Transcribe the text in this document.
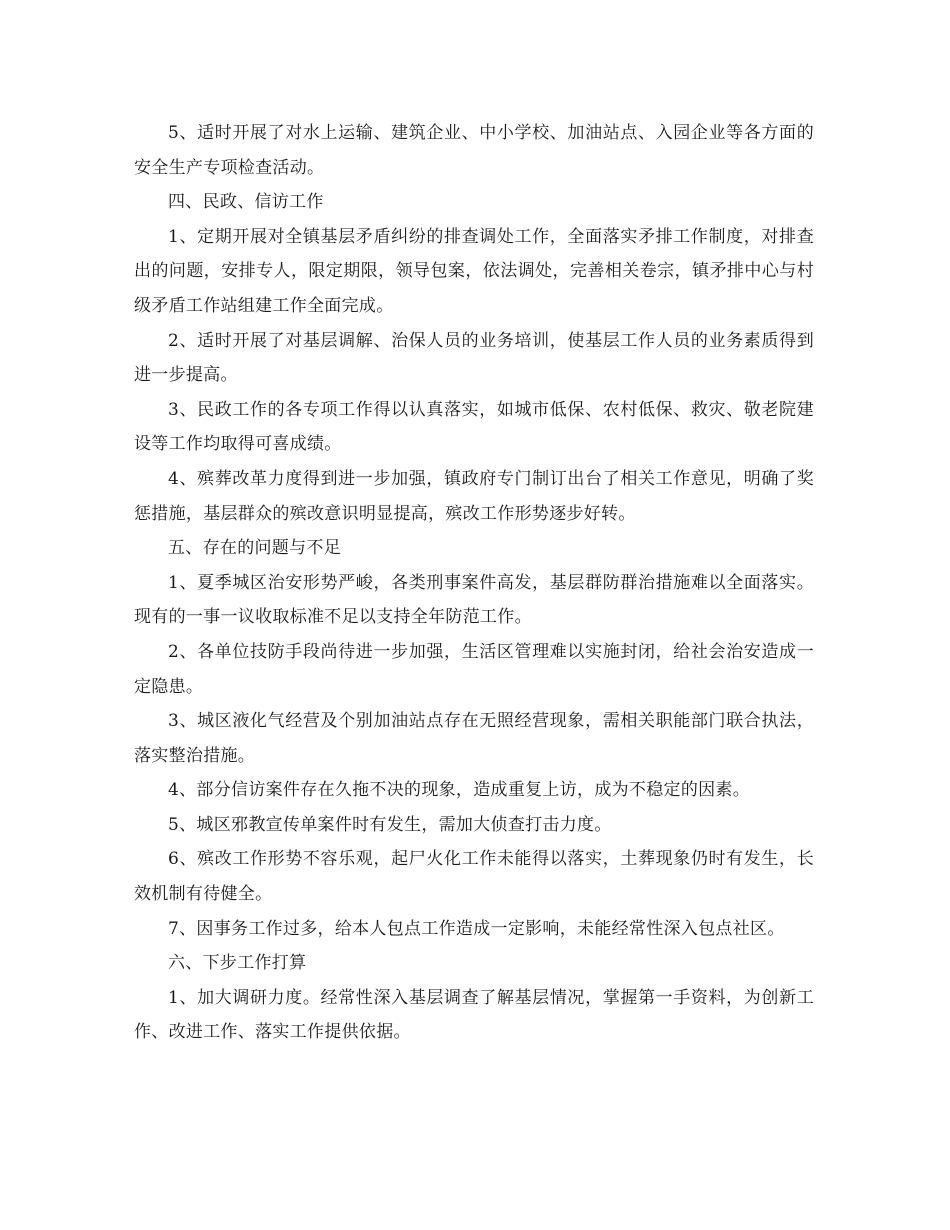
5、适时开展了对水上运输、建筑企业、中小学校、加油站点、入园企业等各方面的安全生产专项检查活动。

四、民政、信访工作

1、定期开展对全镇基层矛盾纠纷的排查调处工作，全面落实矛排工作制度，对排查出的问题，安排专人，限定期限，领导包案，依法调处，完善相关卷宗，镇矛排中心与村级矛盾工作站组建工作全面完成。

2、适时开展了对基层调解、治保人员的业务培训，使基层工作人员的业务素质得到进一步提高。

3、民政工作的各专项工作得以认真落实，如城市低保、农村低保、救灾、敬老院建设等工作均取得可喜成绩。

4、殡葬改革力度得到进一步加强，镇政府专门制订出台了相关工作意见，明确了奖惩措施，基层群众的殡改意识明显提高，殡改工作形势逐步好转。

五、存在的问题与不足

1、夏季城区治安形势严峻，各类刑事案件高发，基层群防群治措施难以全面落实。现有的一事一议收取标准不足以支持全年防范工作。

2、各单位技防手段尚待进一步加强，生活区管理难以实施封闭，给社会治安造成一定隐患。

3、城区液化气经营及个别加油站点存在无照经营现象，需相关职能部门联合执法，落实整治措施。

4、部分信访案件存在久拖不决的现象，造成重复上访，成为不稳定的因素。

5、城区邪教宣传单案件时有发生，需加大侦查打击力度。

6、殡改工作形势不容乐观，起尸火化工作未能得以落实，土葬现象仍时有发生，长效机制有待健全。

7、因事务工作过多，给本人包点工作造成一定影响，未能经常性深入包点社区。

六、下步工作打算

1、加大调研力度。经常性深入基层调查了解基层情况，掌握第一手资料，为创新工作、改进工作、落实工作提供依据。
